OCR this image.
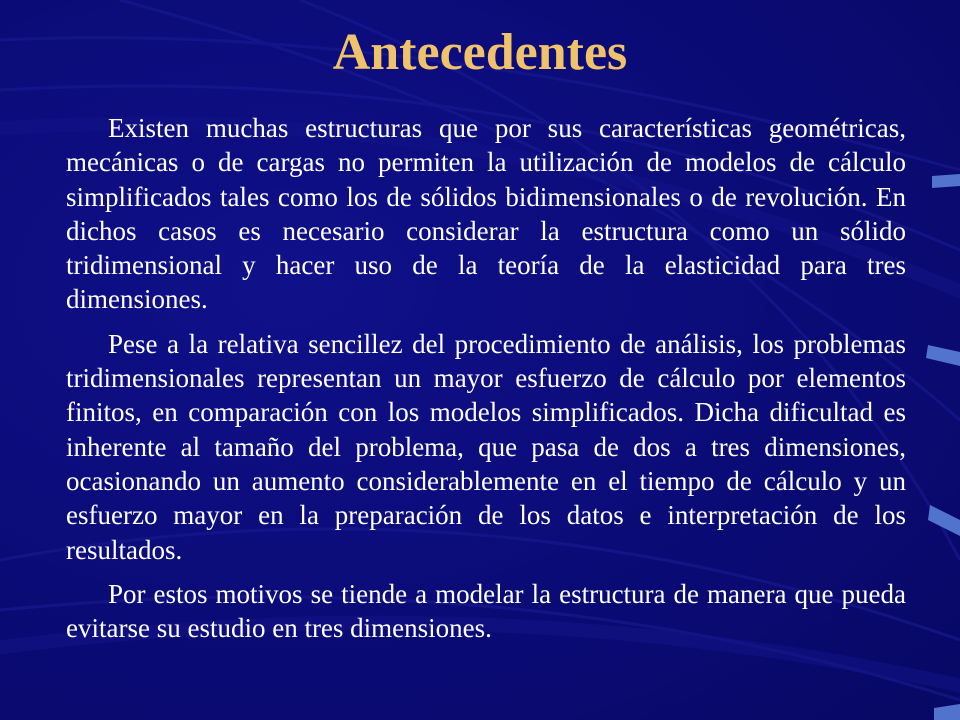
Antecedentes

Existen muchas estructuras que por sus características geométricas, mecánicas o de cargas no permiten la utilización de modelos de cálculo simplificados tales como los de sólidos bidimensionales o de revolución. En dichos casos es necesario considerar la estructura como un sólido tridimensional y hacer uso de la teoría de la elasticidad para tres dimensiones.

Pese a la relativa sencillez del procedimiento de análisis, los problemas tridimensionales representan un mayor esfuerzo de cálculo por elementos finitos, en comparación con los modelos simplificados. Dicha dificultad es inherente al tamaño del problema, que pasa de dos a tres dimensiones, ocasionando un aumento considerablemente en el tiempo de cálculo y un esfuerzo mayor en la preparación de los datos e interpretación de los resultados.

Por estos motivos se tiende a modelar la estructura de manera que pueda evitarse su estudio en tres dimensiones.
